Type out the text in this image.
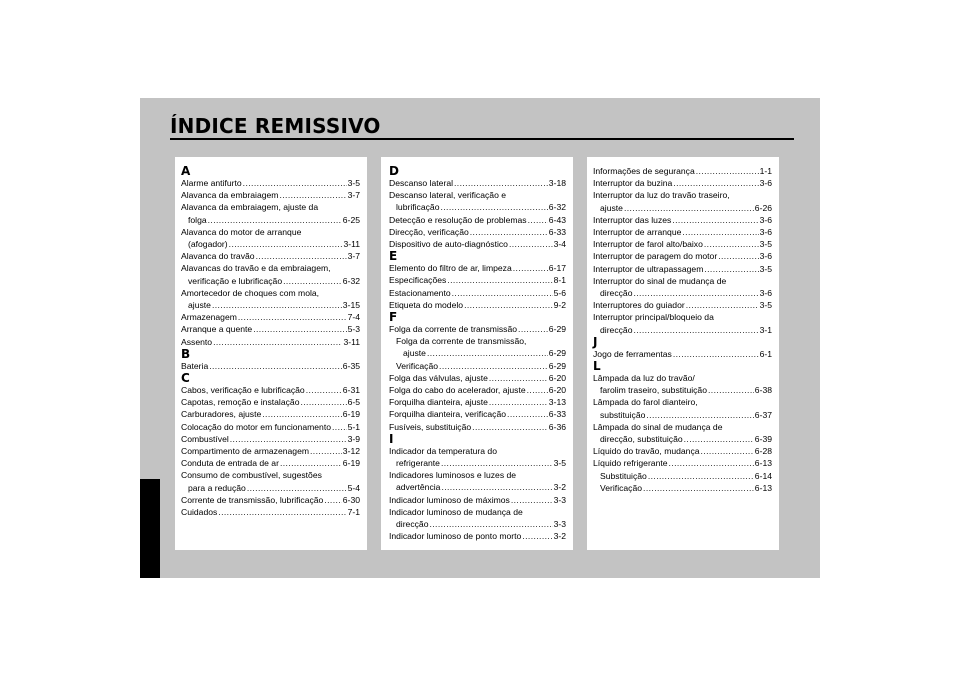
ÍNDICE REMISSIVO
A
Alarme antifurto .....	3-5
Alavanca da embraiagem .....	3-7
Alavanca da embraiagem, ajuste da
folga .....	6-25
Alavanca do motor de arranque
(afogador) .....	3-11
Alavanca do travão .....	3-7
Alavancas do travão e da embraiagem,
verificação e lubrificação .....	6-32
Amortecedor de choques com mola,
ajuste .....	3-15
Armazenagem .....	7-4
Arranque a quente .....	5-3
Assento .....	3-11
B
Bateria .....	6-35
C
Cabos, verificação e lubrificação .....	6-31
Capotas, remoção e instalação .....	6-5
Carburadores, ajuste .....	6-19
Colocação do motor em funcionamento ..... 5-1
Combustível .....	3-9
Compartimento de armazenagem .....	3-12
Conduta de entrada de ar .....	6-19
Consumo de combustível, sugestões
para a redução .....	5-4
Corrente de transmissão, lubrificação ..... 6-30
Cuidados .....	7-1
D
Descanso lateral .....	3-18
Descanso lateral, verificação e
lubrificação .....	6-32
Detecção e resolução de problemas .....	6-43
Direcção, verificação .....	6-33
Dispositivo de auto-diagnóstico .....	3-4
E
Elemento do filtro de ar, limpeza .....	6-17
Especificações .....	8-1
Estacionamento .....	5-6
Etiqueta do modelo .....	9-2
F
Folga da corrente de transmissão .....	6-29
Folga da corrente de transmissão,
ajuste .....	6-29
Verificação .....	6-29
Folga das válvulas, ajuste .....	6-20
Folga do cabo do acelerador, ajuste .....	6-20
Forquilha dianteira, ajuste .....	3-13
Forquilha dianteira, verificação .....	6-33
Fusíveis, substituição .....	6-36
I
Indicador da temperatura do
refrigerante .....	3-5
Indicadores luminosos e luzes de
advertência .....	3-2
Indicador luminoso de máximos .....	3-3
Indicador luminoso de mudança de
direcção .....	3-3
Indicador luminoso de ponto morto .....	3-2
Informações de segurança .....	1-1
Interruptor da buzina .....	3-6
Interruptor da luz do travão traseiro,
ajuste .....	6-26
Interruptor das luzes .....	3-6
Interruptor de arranque .....	3-6
Interruptor de farol alto/baixo .....	3-5
Interruptor de paragem do motor .....	3-6
Interruptor de ultrapassagem .....	3-5
Interruptor do sinal de mudança de
direcção .....	3-6
Interruptores do guiador .....	3-5
Interruptor principal/bloqueio da
direcção .....	3-1
J
Jogo de ferramentas .....	6-1
L
Lâmpada da luz do travão/
farolim traseiro, substituição .....	6-38
Lâmpada do farol dianteiro,
substituição .....	6-37
Lâmpada do sinal de mudança de
direcção, substituição .....	6-39
Líquido do travão, mudança .....	6-28
Líquido refrigerante .....	6-13
Substituição .....	6-14
Verificação .....	6-13
